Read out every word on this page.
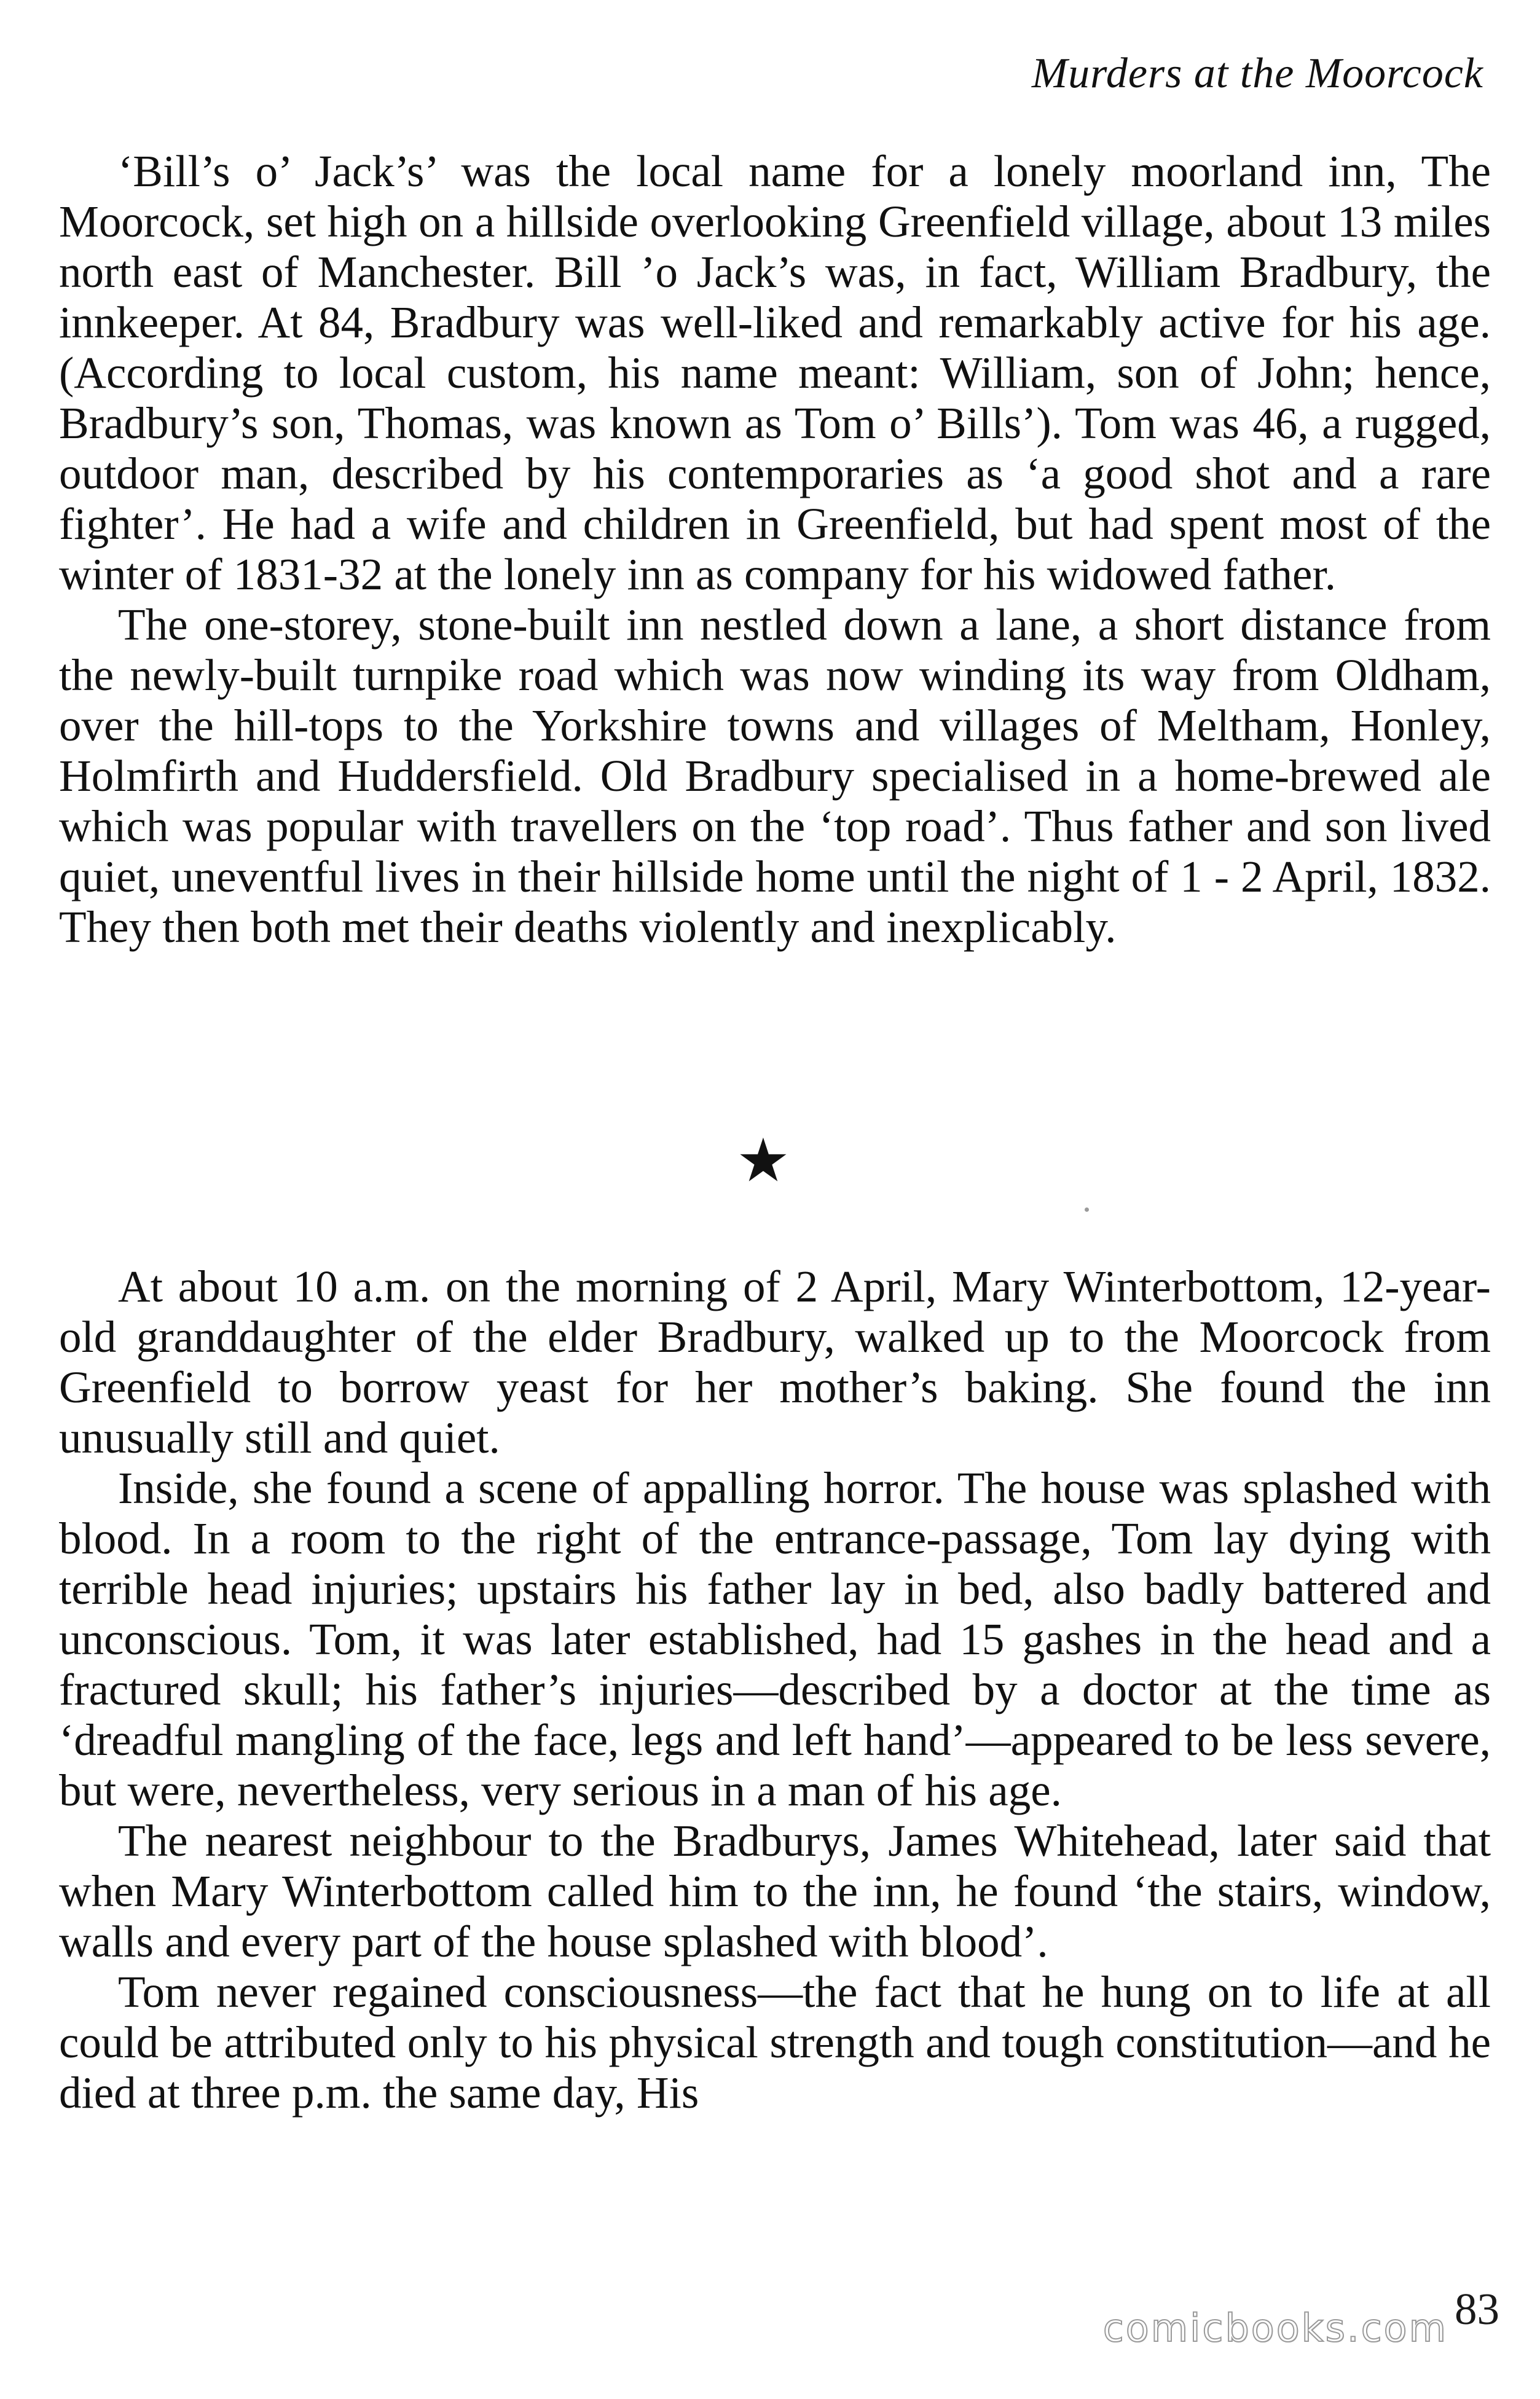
Murders at the Moorcock

‘Bill’s o’ Jack’s’ was the local name for a lonely moorland inn, The Moorcock, set high on a hillside overlooking Greenfield village, about 13 miles north east of Manchester. Bill ’o Jack’s was, in fact, William Bradbury, the innkeeper. At 84, Bradbury was well-liked and remarkably active for his age. (According to local custom, his name meant: William, son of John; hence, Bradbury’s son, Thomas, was known as Tom o’ Bills’). Tom was 46, a rugged, outdoor man, described by his contemporaries as ‘a good shot and a rare fighter’. He had a wife and children in Greenfield, but had spent most of the winter of 1831-32 at the lonely inn as company for his widowed father.

The one-storey, stone-built inn nestled down a lane, a short distance from the newly-built turnpike road which was now winding its way from Oldham, over the hill-tops to the Yorkshire towns and villages of Meltham, Honley, Holmfirth and Huddersfield. Old Bradbury specialised in a home-brewed ale which was popular with travellers on the ‘top road’. Thus father and son lived quiet, uneventful lives in their hillside home until the night of 1 - 2 April, 1832. They then both met their deaths violently and inexplicably.

★

At about 10 a.m. on the morning of 2 April, Mary Winterbottom, 12-year-old granddaughter of the elder Bradbury, walked up to the Moorcock from Greenfield to borrow yeast for her mother’s baking. She found the inn unusually still and quiet.

Inside, she found a scene of appalling horror. The house was splashed with blood. In a room to the right of the entrance-passage, Tom lay dying with terrible head injuries; upstairs his father lay in bed, also badly battered and unconscious. Tom, it was later established, had 15 gashes in the head and a fractured skull; his father’s injuries—described by a doctor at the time as ‘dreadful mangling of the face, legs and left hand’—appeared to be less severe, but were, nevertheless, very serious in a man of his age.

The nearest neighbour to the Bradburys, James Whitehead, later said that when Mary Winterbottom called him to the inn, he found ‘the stairs, window, walls and every part of the house splashed with blood’.

Tom never regained consciousness—the fact that he hung on to life at all could be attributed only to his physical strength and tough constitution—and he died at three p.m. the same day, His

comicbooks.com 83
